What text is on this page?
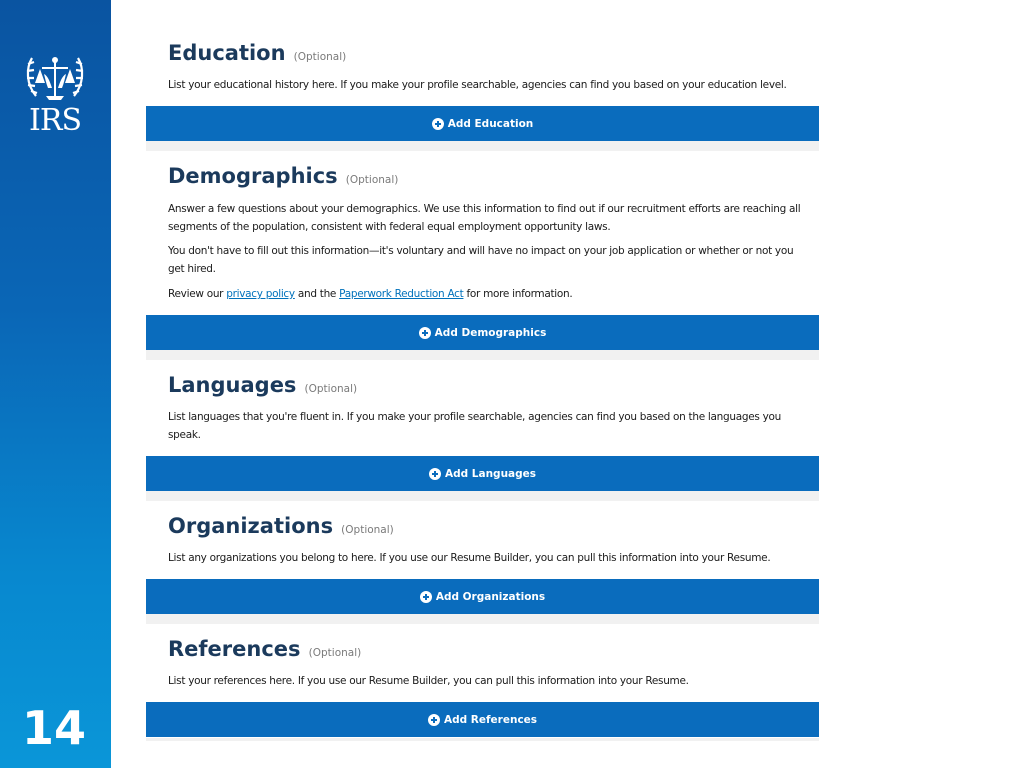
IRS
14
Education (Optional)

List your educational history here. If you make your profile searchable, agencies can find you based on your education level.

Add Education
Demographics (Optional)

Answer a few questions about your demographics. We use this information to find out if our recruitment efforts are reaching all segments of the population, consistent with federal equal employment opportunity laws.

You don't have to fill out this information—it's voluntary and will have no impact on your job application or whether or not you get hired.

Review our privacy policy and the Paperwork Reduction Act for more information.

Add Demographics
Languages (Optional)

List languages that you're fluent in. If you make your profile searchable, agencies can find you based on the languages you speak.

Add Languages
Organizations (Optional)

List any organizations you belong to here. If you use our Resume Builder, you can pull this information into your Resume.

Add Organizations
References (Optional)

List your references here. If you use our Resume Builder, you can pull this information into your Resume.

Add References
